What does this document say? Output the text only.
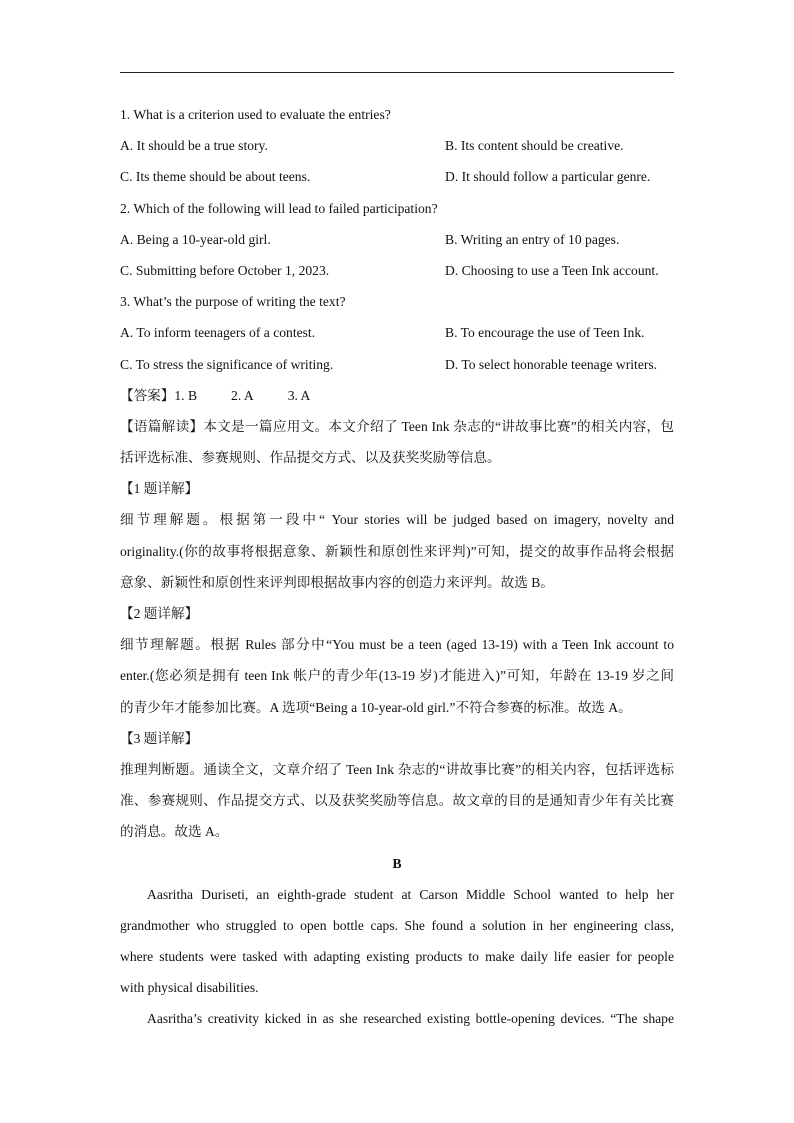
1. What is a criterion used to evaluate the entries?
A. It should be a true story.	B. Its content should be creative.
C. Its theme should be about teens.	D. It should follow a particular genre.
2. Which of the following will lead to failed participation?
A. Being a 10-year-old girl.	B. Writing an entry of 10 pages.
C. Submitting before October 1, 2023.	D. Choosing to use a Teen Ink account.
3. What’s the purpose of writing the text?
A. To inform teenagers of a contest.	B. To encourage the use of Teen Ink.
C. To stress the significance of writing.	D. To select honorable teenage writers.
【答案】1. B	2. A	3. A
【语篇解读】本文是一篇应用文。本文介绍了 Teen Ink 杂志的“讲故事比赛”的相关内容，包
括评选标准、参赛规则、作品提交方式、以及获奖奖励等信息。
【1 题详解】
细节理解题。根据第一段中“ Your stories will be judged based on imagery, novelty and
originality.(你的故事将根据意象、新颖性和原创性来评判)”可知，提交的故事作品将会根据
意象、新颖性和原创性来评判即根据故事内容的创造力来评判。故选 B。
【2 题详解】
细节理解题。根据 Rules 部分中“You must be a teen (aged 13-19) with a Teen Ink account to
enter.(您必须是拥有 teen Ink 帐户的青少年(13-19 岁)才能进入)”可知，年龄在 13-19 岁之间
的青少年才能参加比赛。A 选项“Being a 10-year-old girl.”不符合参赛的标准。故选 A。
【3 题详解】
推理判断题。通读全文，文章介绍了 Teen Ink 杂志的“讲故事比赛”的相关内容，包括评选标
准、参赛规则、作品提交方式、以及获奖奖励等信息。故文章的目的是通知青少年有关比赛
的消息。故选 A。
B
Aasritha Duriseti, an eighth-grade student at Carson Middle School wanted to help her
grandmother who struggled to open bottle caps. She found a solution in her engineering class,
where students were tasked with adapting existing products to make daily life easier for people
with physical disabilities.
Aasritha’s creativity kicked in as she researched existing bottle-opening devices. “The shape
